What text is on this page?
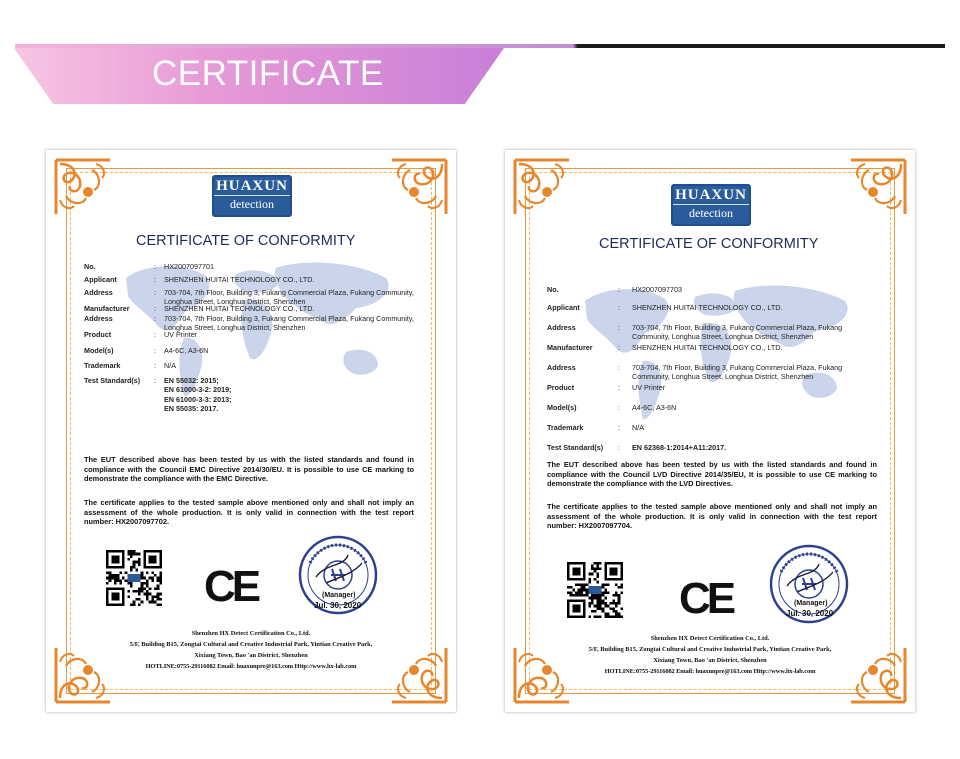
CERTIFICATE
HUAXUN
detection
CERTIFICATE OF CONFORMITY
No.	: HX2007097701
Applicant	: SHENZHEN HUITAI TECHNOLOGY CO., LTD.
Address	: 703-704, 7th Floor, Building 3, Fukang Commercial Plaza, Fukang Community, Longhua Street, Longhua District, Shenzhen
Manufacturer	: SHENZHEN HUITAI TECHNOLOGY CO., LTD.
Address	: 703-704, 7th Floor, Building 3, Fukang Commercial Plaza, Fukang Community, Longhua Street, Longhua District, Shenzhen
Product	: UV Printer
Model(s)	: A4-6C, A3-6N
Trademark	: N/A
Test Standard(s) : EN 55032: 2015;
EN 61000-3-2: 2019;
EN 61000-3-3: 2013;
EN 55035: 2017.
The EUT described above has been tested by us with the listed standards and found in compliance with the Council EMC Directive 2014/30/EU. It is possible to use CE marking to demonstrate the compliance with the EMC Directive.
The certificate applies to the tested sample above mentioned only and shall not imply an assessment of the whole production. It is only valid in connection with the test report number: HX2007097702.
CE	(Manager)
Jul. 30, 2020
Shenzhen HX Detect Certification Co., Ltd.
5/F, Building B15, Zongtai Cultural and Creative Industrial Park, Yintian Creative Park,
Xixiang Town, Bao 'an District, Shenzhen
HOTLINE:0755-29116082 Email: huaxunpre@163.com Http://www.hx-lab.com
HUAXUN
detection
CERTIFICATE OF CONFORMITY
No.	: HX2007097703
Applicant	: SHENZHEN HUITAI TECHNOLOGY CO., LTD.
Address	: 703-704, 7th Floor, Building 3, Fukang Commercial Plaza, Fukang Community, Longhua Street, Longhua District, Shenzhen
Manufacturer	: SHENZHEN HUITAI TECHNOLOGY CO., LTD.
Address	: 703-704, 7th Floor, Building 3, Fukang Commercial Plaza, Fukang Community, Longhua Street, Longhua District, Shenzhen
Product	: UV Printer
Model(s)	: A4-6C, A3-6N
Trademark	: N/A
Test Standard(s) : EN 62368-1:2014+A11:2017.
The EUT described above has been tested by us with the listed standards and found in compliance with the Council LVD Directive 2014/35/EU, It is possible to use CE marking to demonstrate the compliance with the LVD Directives.
The certificate applies to the tested sample above mentioned only and shall not imply an assessment of the whole production. It is only valid in connection with the test report number: HX2007097704.
CE	(Manager)
Jul. 30, 2020
Shenzhen HX Detect Certification Co., Ltd.
5/F, Building B15, Zongtai Cultural and Creative Industrial Park, Yintian Creative Park,
Xixiang Town, Bao 'an District, Shenzhen
HOTLINE:0755-29116082 Email: huaxunpre@163.com Http://www.hx-lab.com
